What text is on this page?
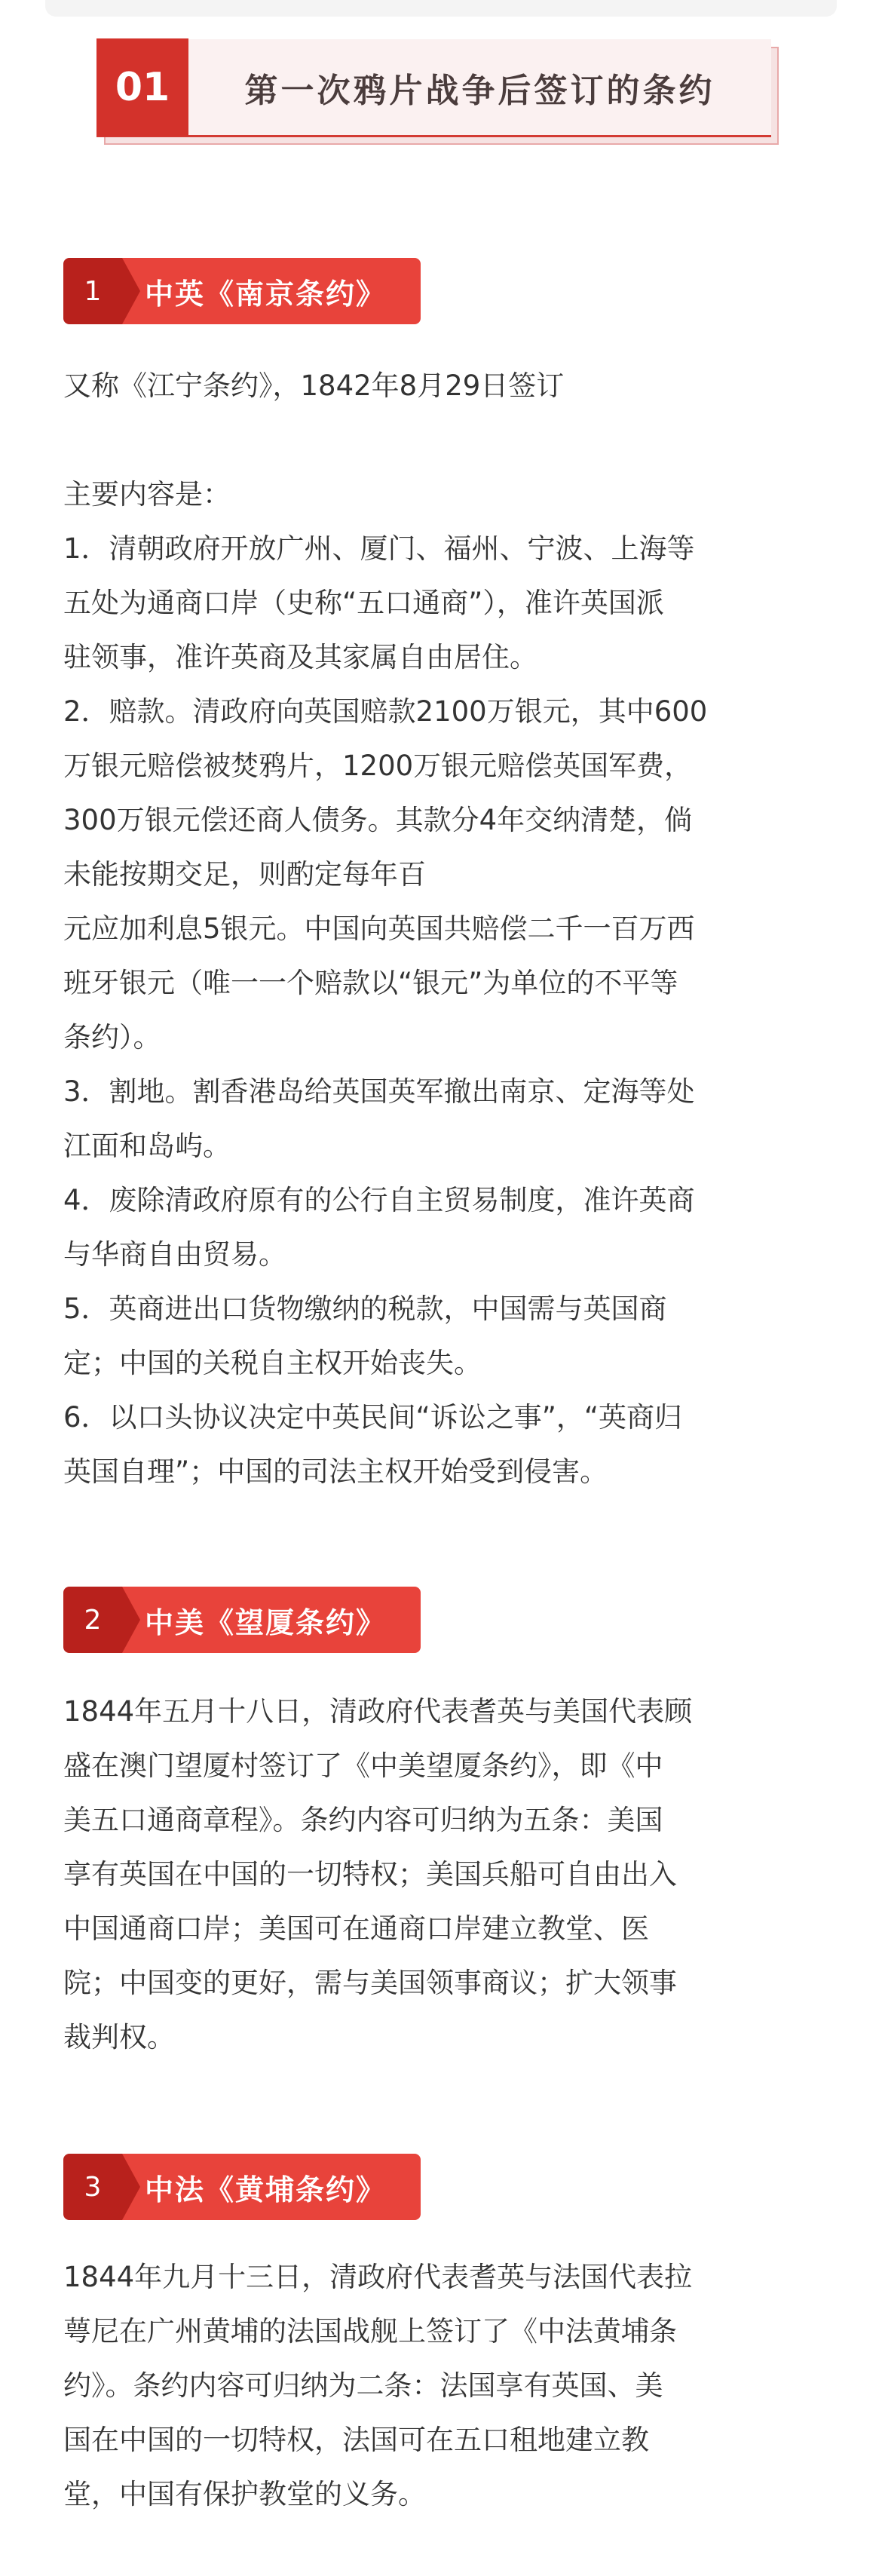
01	第一次鸦片战争后签订的条约
1	中英《南京条约》
又称《江宁条约》，1842年8月29日签订
主要内容是：
1．清朝政府开放广州、厦门、福州、宁波、上海等
五处为通商口岸（史称“五口通商”），准许英国派
驻领事，准许英商及其家属自由居住。
2．赔款。清政府向英国赔款2100万银元，其中600
万银元赔偿被焚鸦片，1200万银元赔偿英国军费，
300万银元偿还商人债务。其款分4年交纳清楚，倘
未能按期交足，则酌定每年百
元应加利息5银元。中国向英国共赔偿二千一百万西
班牙银元（唯一一个赔款以“银元”为单位的不平等
条约）。
3．割地。割香港岛给英国英军撤出南京、定海等处
江面和岛屿。
4．废除清政府原有的公行自主贸易制度，准许英商
与华商自由贸易。
5．英商进出口货物缴纳的税款，中国需与英国商
定；中国的关税自主权开始丧失。
6．以口头协议决定中英民间“诉讼之事”，“英商归
英国自理”；中国的司法主权开始受到侵害。
2	中美《望厦条约》
1844年五月十八日，清政府代表耆英与美国代表顾
盛在澳门望厦村签订了《中美望厦条约》，即《中
美五口通商章程》。条约内容可归纳为五条：美国
享有英国在中国的一切特权；美国兵船可自由出入
中国通商口岸；美国可在通商口岸建立教堂、医
院；中国变的更好，需与美国领事商议；扩大领事
裁判权。
3	中法《黄埔条约》
1844年九月十三日，清政府代表耆英与法国代表拉
萼尼在广州黄埔的法国战舰上签订了《中法黄埔条
约》。条约内容可归纳为二条：法国享有英国、美
国在中国的一切特权，法国可在五口租地建立教
堂，中国有保护教堂的义务。
